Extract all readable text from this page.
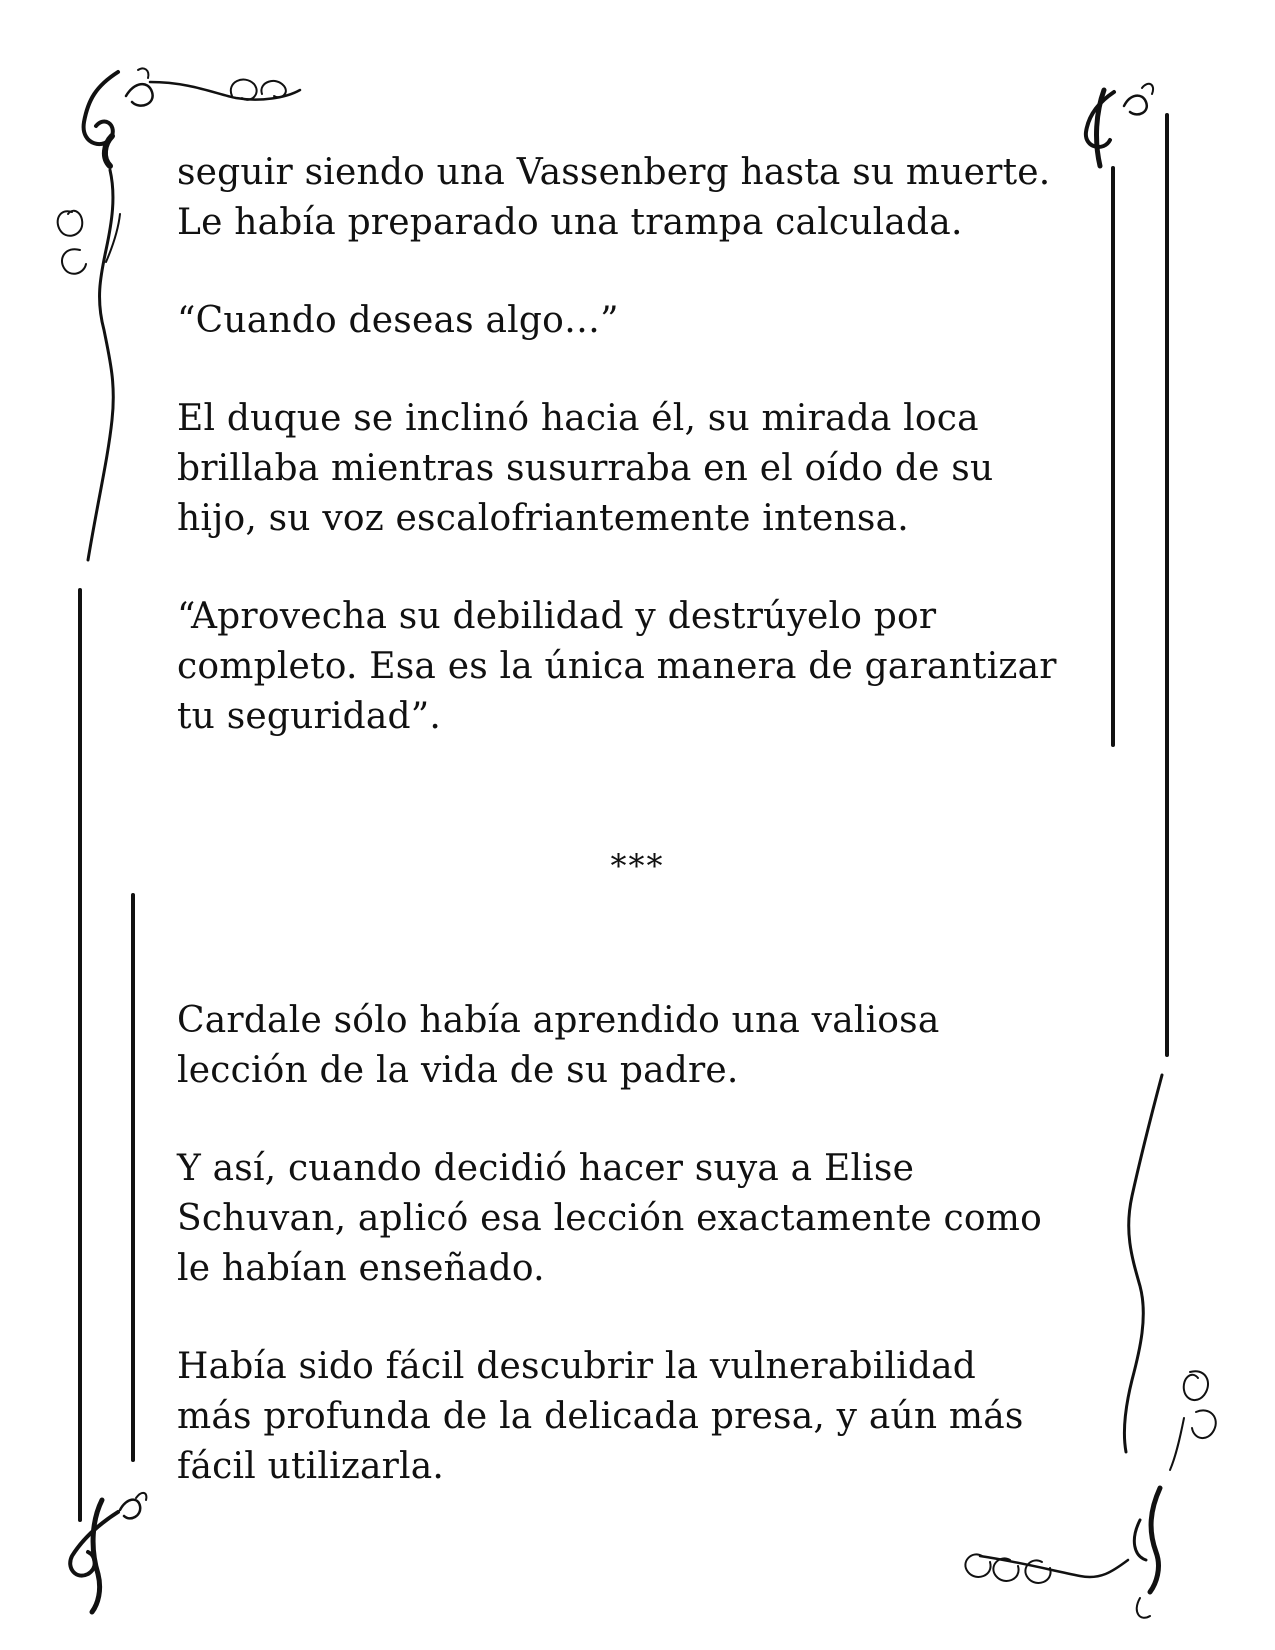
seguir siendo una Vassenberg hasta su muerte.
Le había preparado una trampa calculada.

“Cuando deseas algo…”

El duque se inclinó hacia él, su mirada loca
brillaba mientras susurraba en el oído de su
hijo, su voz escalofriantemente intensa.

“Aprovecha su debilidad y destrúyelo por
completo. Esa es la única manera de garantizar
tu seguridad”.

***

Cardale sólo había aprendido una valiosa
lección de la vida de su padre.

Y así, cuando decidió hacer suya a Elise
Schuvan, aplicó esa lección exactamente como
le habían enseñado.

Había sido fácil descubrir la vulnerabilidad
más profunda de la delicada presa, y aún más
fácil utilizarla.
